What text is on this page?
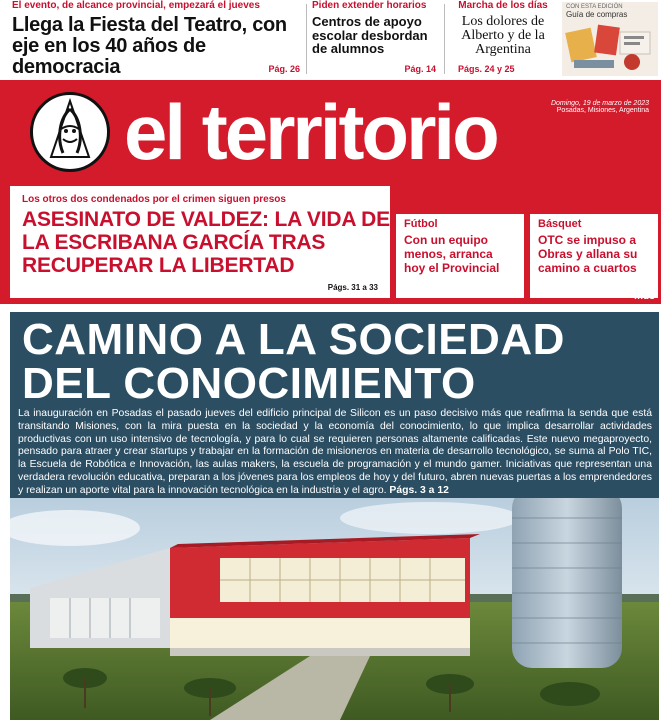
El evento, de alcance provincial, empezará el jueves
Llega la Fiesta del Teatro, con eje en los 40 años de democracia	Pág. 26
Piden extender horarios
Centros de apoyo escolar desbordan de alumnos
Pág. 14
Marcha de los días
Los dolores de Alberto y de la Argentina
Págs. 24 y 25
CON ESTA EDICIÓN
Guía de compras
el territorio	Domingo, 19 de marzo de 2023
Posadas, Misiones, Argentina
Los otros dos condenados por el crimen siguen presos
ASESINATO DE VALDEZ: LA VIDA DE LA ESCRIBANA GARCÍA TRAS RECUPERAR LA LIBERTAD
Págs. 31 a 33
Fútbol
Con un equipo menos, arranca hoy el Provincial
Básquet
OTC se impuso a Obras y allana su camino a cuartos
mds
CAMINO A LA SOCIEDAD DEL CONOCIMIENTO
La inauguración en Posadas el pasado jueves del edificio principal de Silicon es un paso decisivo más que reafirma la senda que está transitando Misiones, con la mira puesta en la sociedad y la economía del conocimiento, lo que implica desarrollar actividades productivas con un uso intensivo de tecnología, y para lo cual se requieren personas altamente calificadas. Este nuevo megaproyecto, pensado para atraer y crear startups y trabajar en la formación de misioneros en materia de desarrollo tecnológico, se suma al Polo TIC, la Escuela de Robótica e Innovación, las aulas makers, la escuela de programación y el mundo gamer. Iniciativas que representan una verdadera revolución educativa, preparan a los jóvenes para los empleos de hoy y del futuro, abren nuevas puertas a los emprendedores y realizan un aporte vital para la innovación tecnológica en la industria y el agro. Págs. 3 a 12
